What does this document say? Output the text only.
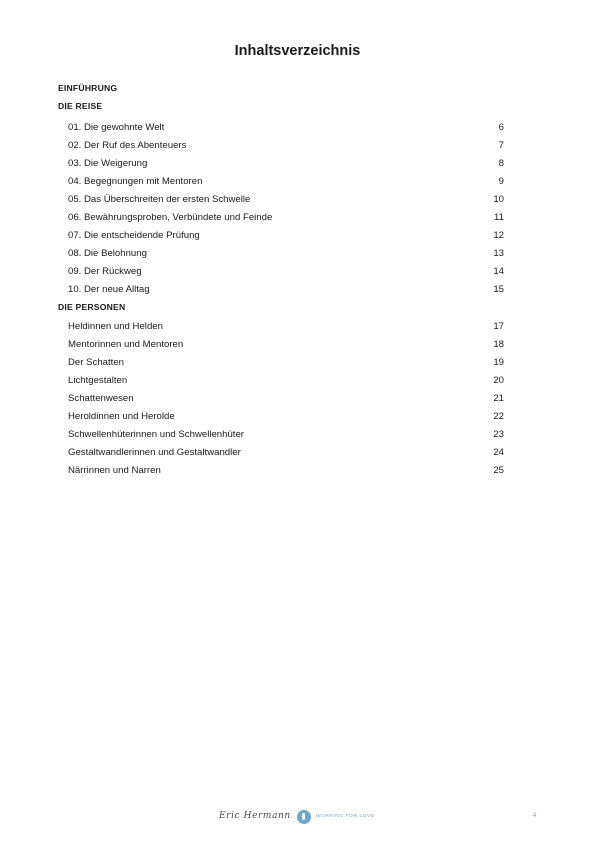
Inhaltsverzeichnis
EINFÜHRUNG
DIE REISE
01. Die gewohnte Welt	6
02. Der Ruf des Abenteuers	7
03. Die Weigerung	8
04. Begegnungen mit Mentoren	9
05. Das Überschreiten der ersten Schwelle	10
06. Bewährungsproben, Verbündete und Feinde	11
07. Die entscheidende Prüfung	12
08. Die Belohnung	13
09. Der Rückweg	14
10. Der neue Alltag	15
DIE PERSONEN
Heldinnen und Helden	17
Mentorinnen und Mentoren	18
Der Schatten	19
Lichtgestalten	20
Schattenwesen	21
Heroldinnen und Herolde	22
Schwellenhüterinnen und Schwellenhüter	23
Gestaltwandlerinnen und Gestaltwandler	24
Närrinnen und Narren	25
Eric Hermann	WORKING FOR LOVE	4
